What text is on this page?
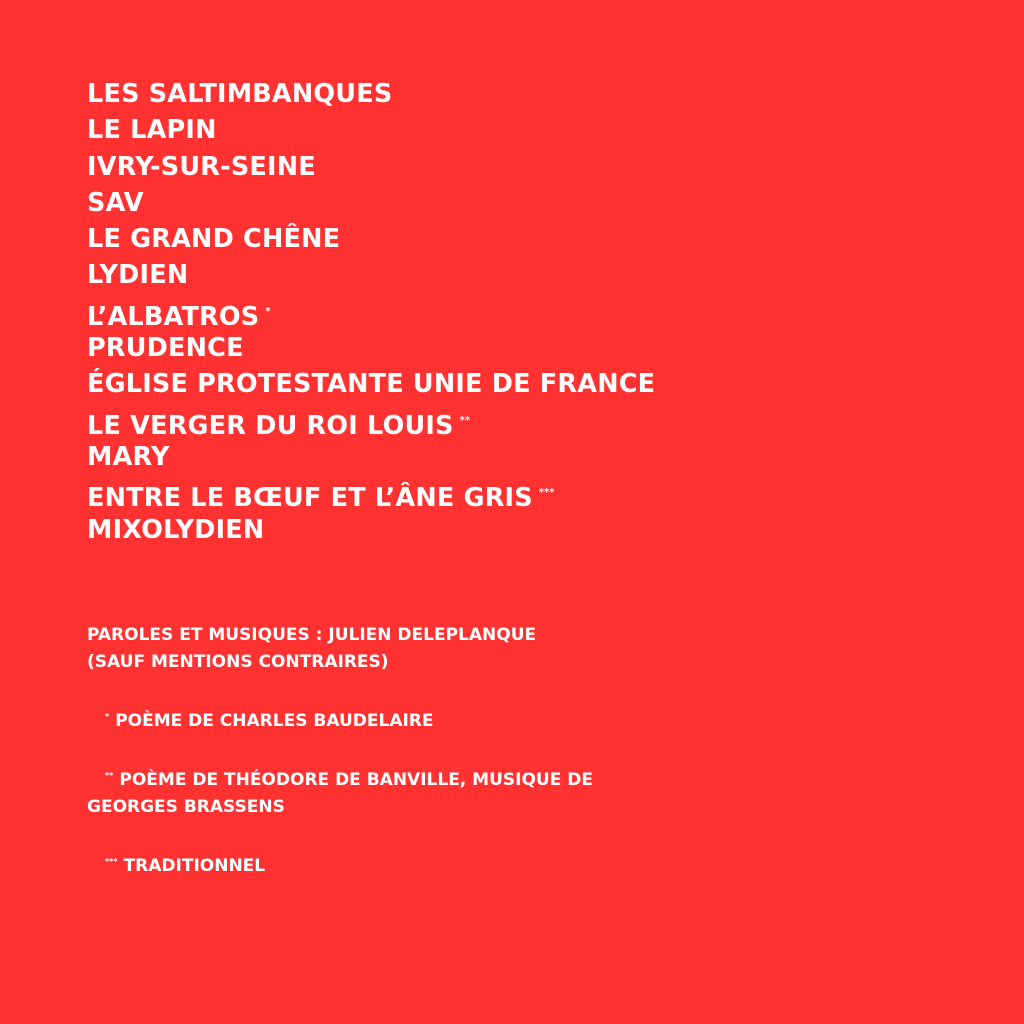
LES SALTIMBANQUES
LE LAPIN
IVRY-SUR-SEINE
SAV
LE GRAND CHÊNE
LYDIEN
L’ALBATROS *
PRUDENCE
ÉGLISE PROTESTANTE UNIE DE FRANCE
LE VERGER DU ROI LOUIS **
MARY
ENTRE LE BŒUF ET L’ÂNE GRIS ***
MIXOLYDIEN

PAROLES ET MUSIQUES : JULIEN DELEPLANQUE

(SAUF MENTIONS CONTRAIRES)

* POÈME DE CHARLES BAUDELAIRE

** POÈME DE THÉODORE DE BANVILLE, MUSIQUE DE

GEORGES BRASSENS

*** TRADITIONNEL
